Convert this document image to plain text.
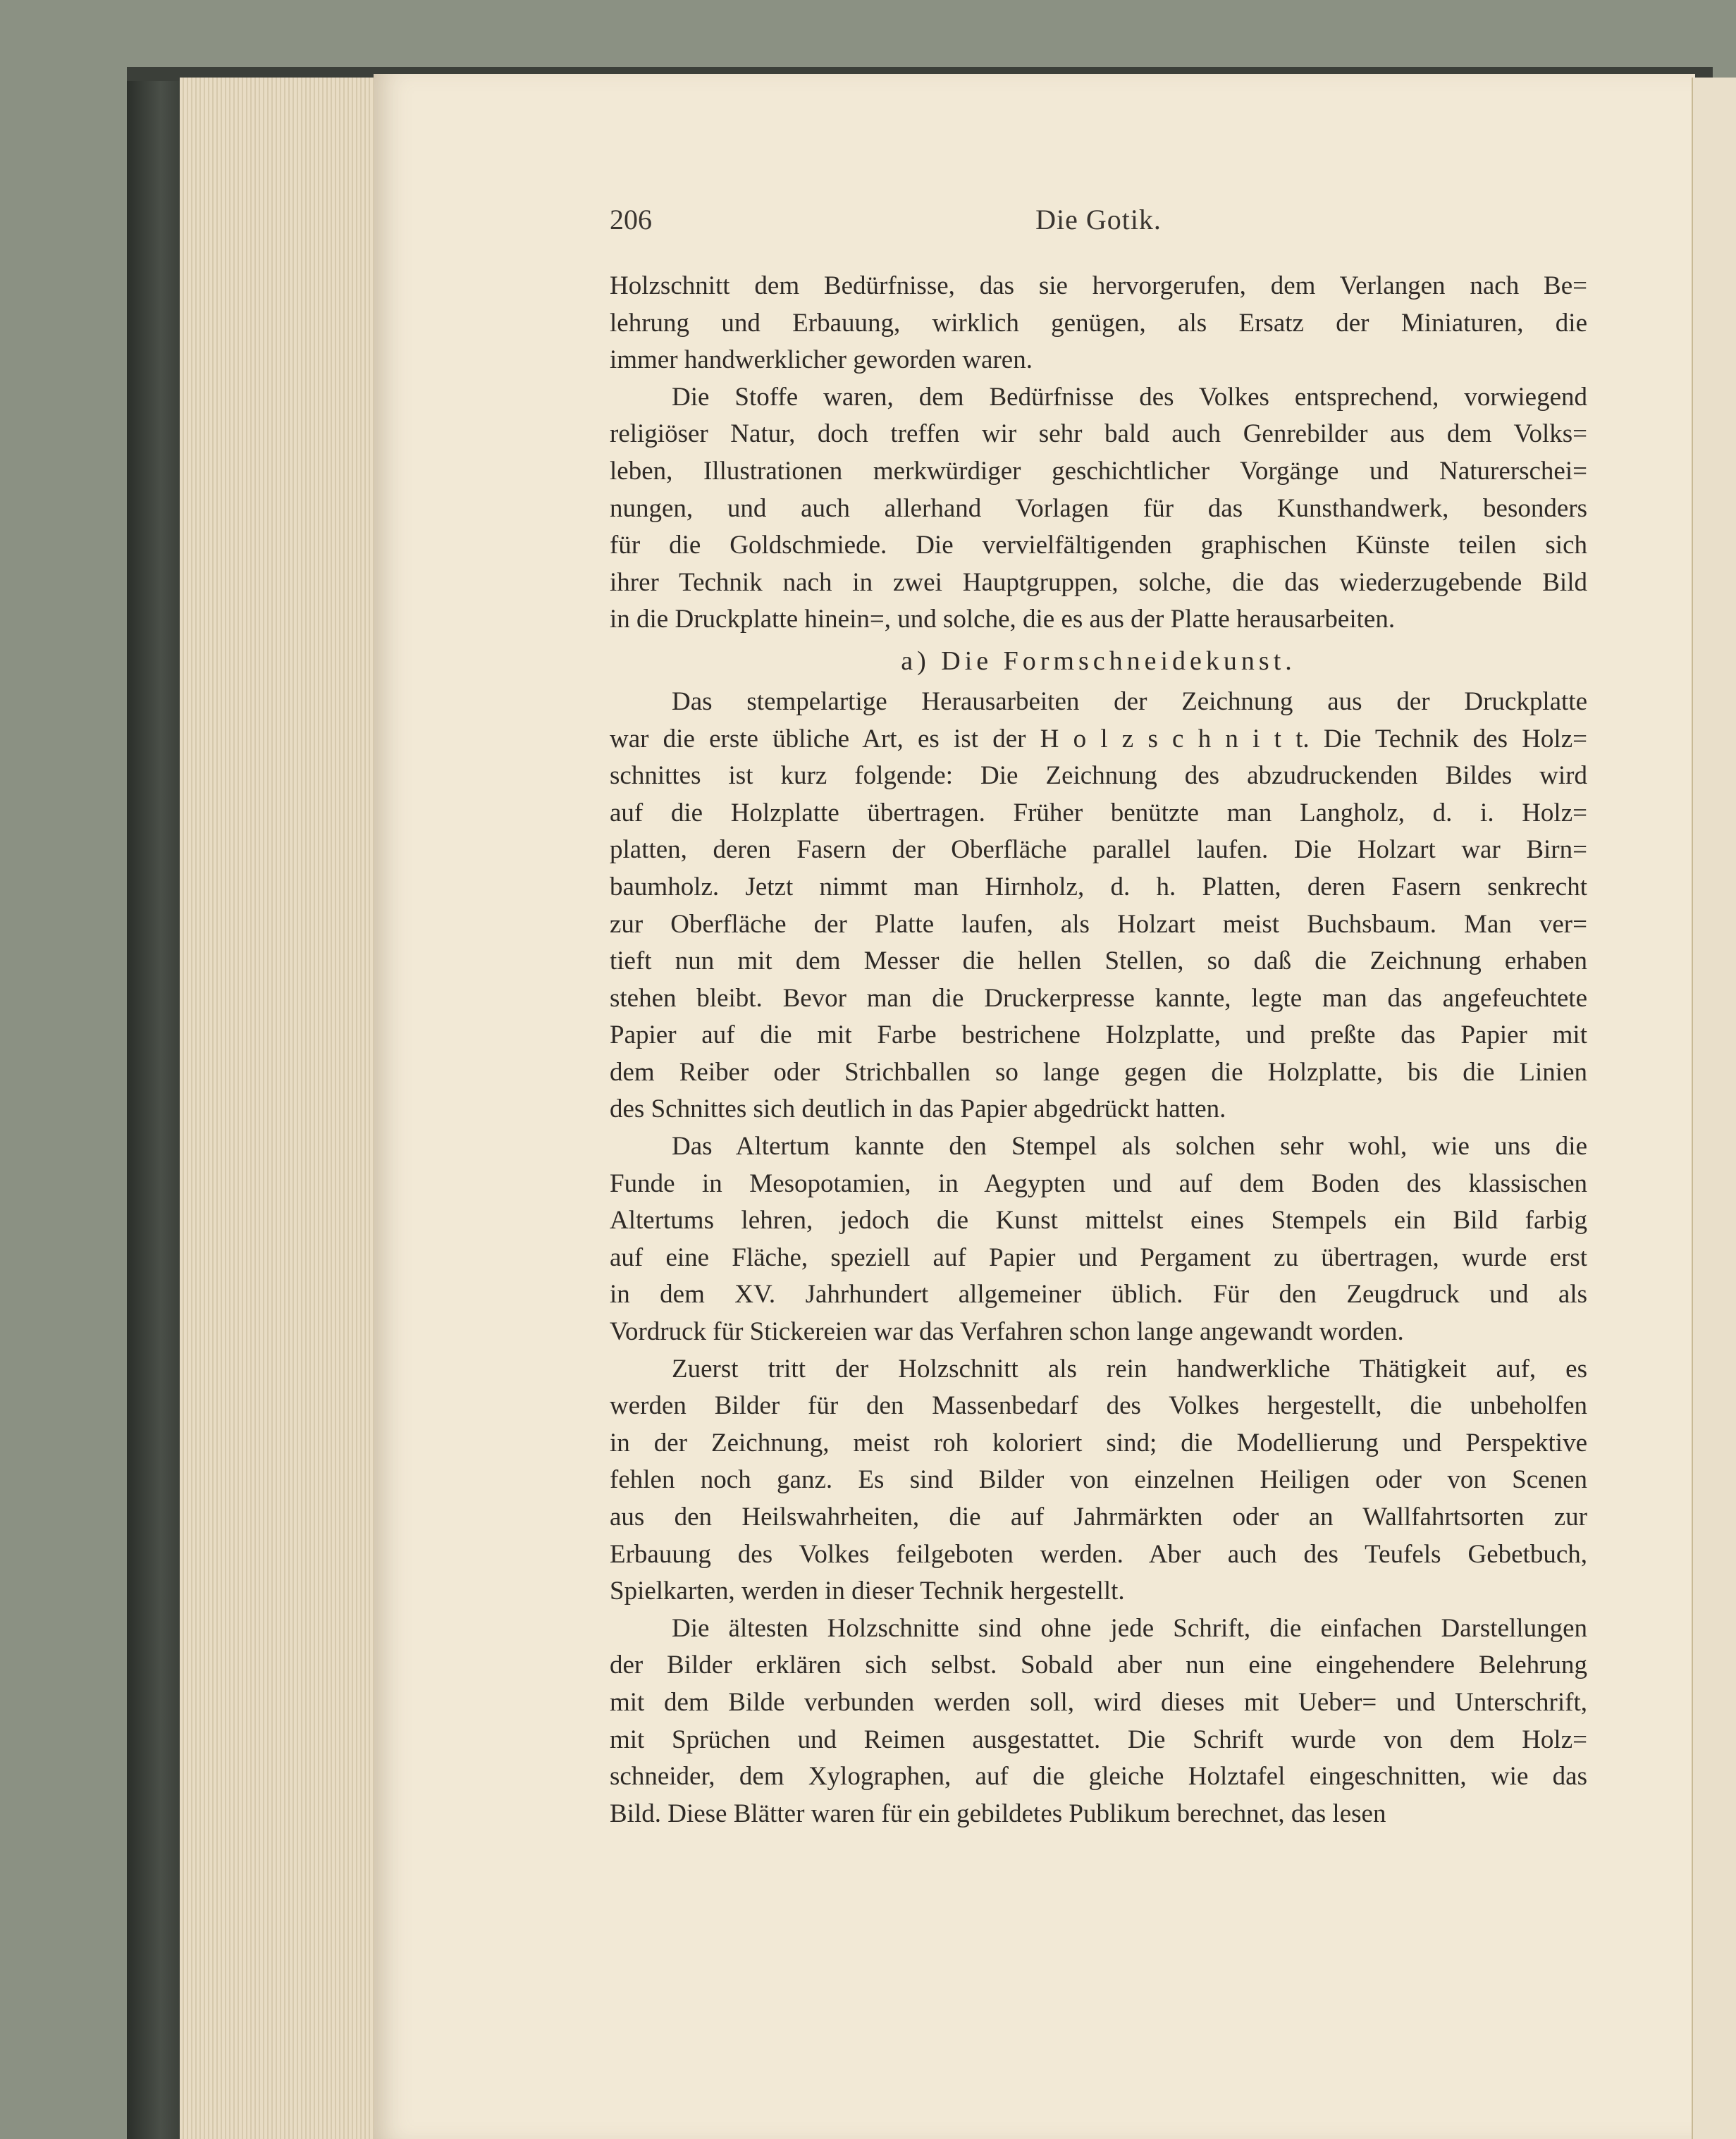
206	Die Gotik.
Holzschnitt dem Bedürfnisse, das sie hervorgerufen, dem Verlangen nach Be=
lehrung und Erbauung, wirklich genügen, als Ersatz der Miniaturen, die
immer handwerklicher geworden waren.
Die Stoffe waren, dem Bedürfnisse des Volkes entsprechend, vorwiegend
religiöser Natur, doch treffen wir sehr bald auch Genrebilder aus dem Volks=
leben, Illustrationen merkwürdiger geschichtlicher Vorgänge und Naturerschei=
nungen, und auch allerhand Vorlagen für das Kunsthandwerk, besonders
für die Goldschmiede. Die vervielfältigenden graphischen Künste teilen sich
ihrer Technik nach in zwei Hauptgruppen, solche, die das wiederzugebende Bild
in die Druckplatte hinein=, und solche, die es aus der Platte herausarbeiten.
a) Die Formschneidekunst.
Das stempelartige Herausarbeiten der Zeichnung aus der Druckplatte
war die erste übliche Art, es ist der H o l z s c h n i t t. Die Technik des Holz=
schnittes ist kurz folgende: Die Zeichnung des abzudruckenden Bildes wird
auf die Holzplatte übertragen. Früher benützte man Langholz, d. i. Holz=
platten, deren Fasern der Oberfläche parallel laufen. Die Holzart war Birn=
baumholz. Jetzt nimmt man Hirnholz, d. h. Platten, deren Fasern senkrecht
zur Oberfläche der Platte laufen, als Holzart meist Buchsbaum. Man ver=
tieft nun mit dem Messer die hellen Stellen, so daß die Zeichnung erhaben
stehen bleibt. Bevor man die Druckerpresse kannte, legte man das angefeuchtete
Papier auf die mit Farbe bestrichene Holzplatte, und preßte das Papier mit
dem Reiber oder Strichballen so lange gegen die Holzplatte, bis die Linien
des Schnittes sich deutlich in das Papier abgedrückt hatten.
Das Altertum kannte den Stempel als solchen sehr wohl, wie uns die
Funde in Mesopotamien, in Aegypten und auf dem Boden des klassischen
Altertums lehren, jedoch die Kunst mittelst eines Stempels ein Bild farbig
auf eine Fläche, speziell auf Papier und Pergament zu übertragen, wurde erst
in dem XV. Jahrhundert allgemeiner üblich. Für den Zeugdruck und als
Vordruck für Stickereien war das Verfahren schon lange angewandt worden.
Zuerst tritt der Holzschnitt als rein handwerkliche Thätigkeit auf, es
werden Bilder für den Massenbedarf des Volkes hergestellt, die unbeholfen
in der Zeichnung, meist roh koloriert sind; die Modellierung und Perspektive
fehlen noch ganz. Es sind Bilder von einzelnen Heiligen oder von Scenen
aus den Heilswahrheiten, die auf Jahrmärkten oder an Wallfahrtsorten zur
Erbauung des Volkes feilgeboten werden. Aber auch des Teufels Gebetbuch,
Spielkarten, werden in dieser Technik hergestellt.
Die ältesten Holzschnitte sind ohne jede Schrift, die einfachen Darstellungen
der Bilder erklären sich selbst. Sobald aber nun eine eingehendere Belehrung
mit dem Bilde verbunden werden soll, wird dieses mit Ueber= und Unterschrift,
mit Sprüchen und Reimen ausgestattet. Die Schrift wurde von dem Holz=
schneider, dem Xylographen, auf die gleiche Holztafel eingeschnitten, wie das
Bild. Diese Blätter waren für ein gebildetes Publikum berechnet, das lesen
